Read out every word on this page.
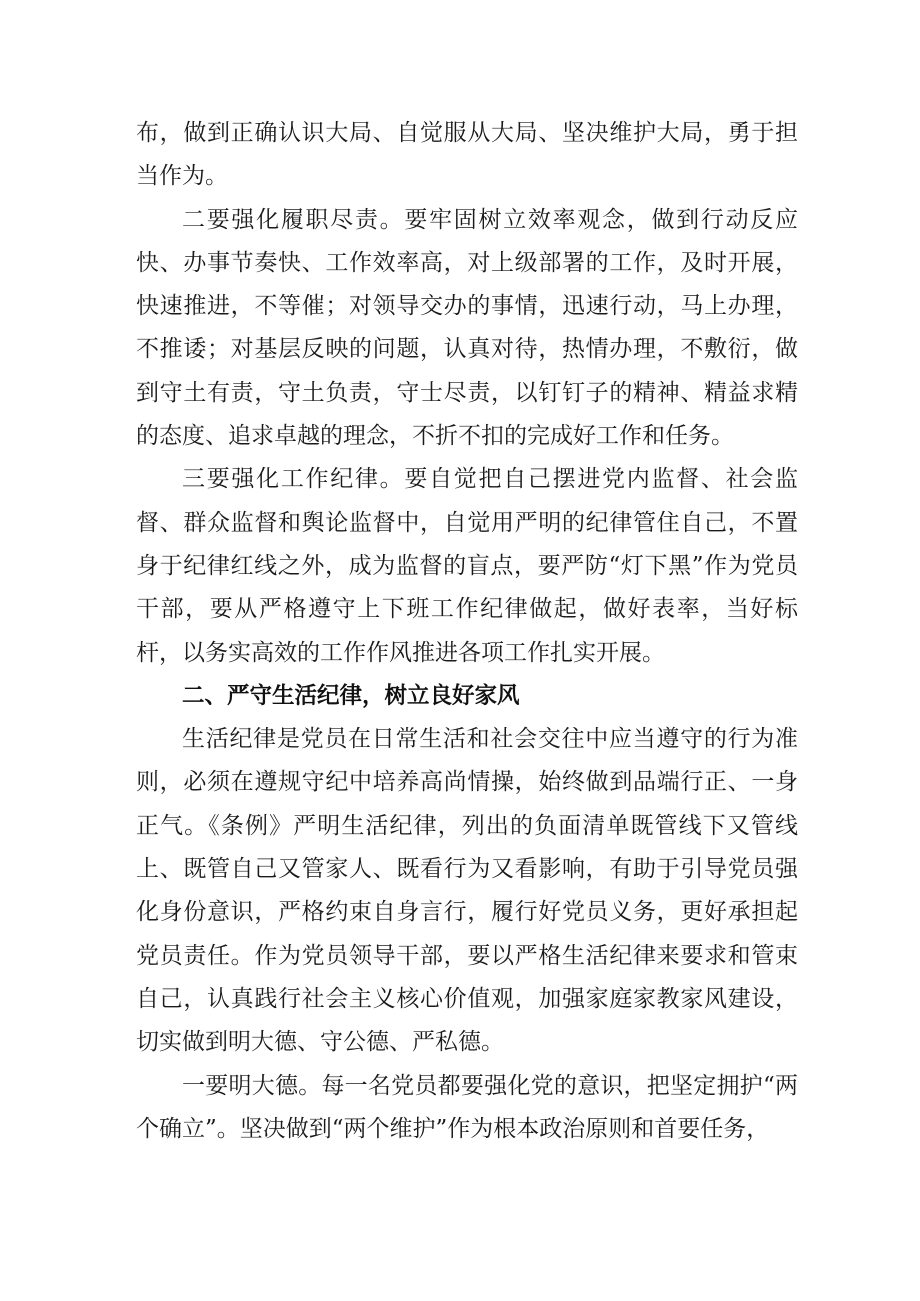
布，做到正确认识大局、自觉服从大局、坚决维护大局，勇于担当作为。

二要强化履职尽责。要牢固树立效率观念，做到行动反应快、办事节奏快、工作效率高，对上级部署的工作，及时开展，快速推进，不等催；对领导交办的事情，迅速行动，马上办理，不推诿；对基层反映的问题，认真对待，热情办理，不敷衍，做到守土有责，守土负责，守士尽责，以钉钉子的精神、精益求精的态度、追求卓越的理念，不折不扣的完成好工作和任务。

三要强化工作纪律。要自觉把自己摆进党内监督、社会监督、群众监督和舆论监督中，自觉用严明的纪律管住自己，不置身于纪律红线之外，成为监督的盲点，要严防“灯下黑”作为党员干部，要从严格遵守上下班工作纪律做起，做好表率，当好标杆，以务实高效的工作作风推进各项工作扎实开展。

二、严守生活纪律，树立良好家风

生活纪律是党员在日常生活和社会交往中应当遵守的行为准则，必须在遵规守纪中培养高尚情操，始终做到品端行正、一身正气。《条例》严明生活纪律，列出的负面清单既管线下又管线上、既管自己又管家人、既看行为又看影响，有助于引导党员强化身份意识，严格约束自身言行，履行好党员义务，更好承担起党员责任。作为党员领导干部，要以严格生活纪律来要求和管束自己，认真践行社会主义核心价值观，加强家庭家教家风建设，切实做到明大德、守公德、严私德。

一要明大德。每一名党员都要强化党的意识，把坚定拥护“两个确立”。坚决做到“两个维护”作为根本政治原则和首要任务，
